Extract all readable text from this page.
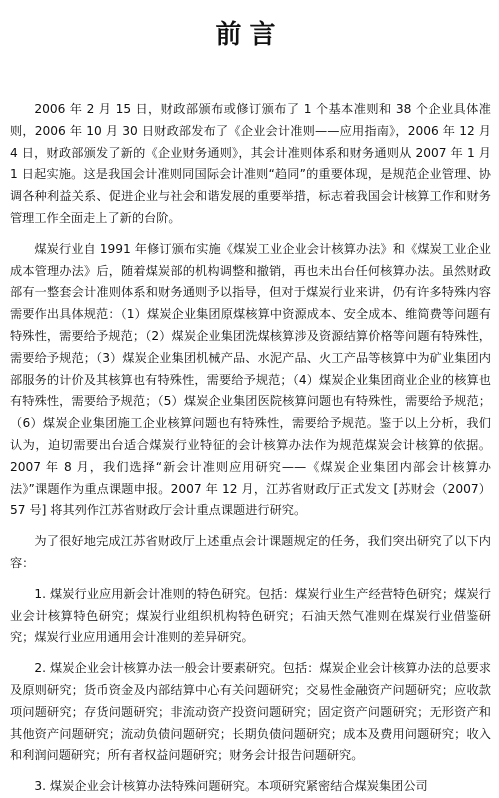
前言

2006 年 2 月 15 日，财政部颁布或修订颁布了 1 个基本准则和 38 个企业具体准则，2006 年 10 月 30 日财政部发布了《企业会计准则——应用指南》，2006 年 12 月 4 日，财政部颁发了新的《企业财务通则》，其会计准则体系和财务通则从 2007 年 1 月 1 日起实施。这是我国会计准则同国际会计准则“趋同”的重要体现，是规范企业管理、协调各种利益关系、促进企业与社会和谐发展的重要举措，标志着我国会计核算工作和财务管理工作全面走上了新的台阶。

煤炭行业自 1991 年修订颁布实施《煤炭工业企业会计核算办法》和《煤炭工业企业成本管理办法》后，随着煤炭部的机构调整和撤销，再也未出台任何核算办法。虽然财政部有一整套会计准则体系和财务通则予以指导，但对于煤炭行业来讲，仍有许多特殊内容需要作出具体规范：（1）煤炭企业集团原煤核算中资源成本、安全成本、维简费等问题有特殊性，需要给予规范；（2）煤炭企业集团洗煤核算涉及资源结算价格等问题有特殊性，需要给予规范；（3）煤炭企业集团机械产品、水泥产品、火工产品等核算中为矿业集团内部服务的计价及其核算也有特殊性，需要给予规范；（4）煤炭企业集团商业企业的核算也有特殊性，需要给予规范；（5）煤炭企业集团医院核算问题也有特殊性，需要给予规范；（6）煤炭企业集团施工企业核算问题也有特殊性，需要给予规范。鉴于以上分析，我们认为，迫切需要出台适合煤炭行业特征的会计核算办法作为规范煤炭会计核算的依据。2007 年 8 月，我们选择“新会计准则应用研究——《煤炭企业集团内部会计核算办法》”课题作为重点课题申报。2007 年 12 月，江苏省财政厅正式发文 [苏财会（2007）57 号] 将其列作江苏省财政厅会计重点课题进行研究。

为了很好地完成江苏省财政厅上述重点会计课题规定的任务，我们突出研究了以下内容：

1. 煤炭行业应用新会计准则的特色研究。包括：煤炭行业生产经营特色研究；煤炭行业会计核算特色研究；煤炭行业组织机构特色研究；石油天然气准则在煤炭行业借鉴研究；煤炭行业应用通用会计准则的差异研究。

2. 煤炭企业会计核算办法一般会计要素研究。包括：煤炭企业会计核算办法的总要求及原则研究；货币资金及内部结算中心有关问题研究；交易性金融资产问题研究；应收款项问题研究；存货问题研究；非流动资产投资问题研究；固定资产问题研究；无形资产和其他资产问题研究；流动负债问题研究；长期负债问题研究；成本及费用问题研究；收入和利润问题研究；所有者权益问题研究；财务会计报告问题研究。

3. 煤炭企业会计核算办法特殊问题研究。本项研究紧密结合煤炭集团公司
